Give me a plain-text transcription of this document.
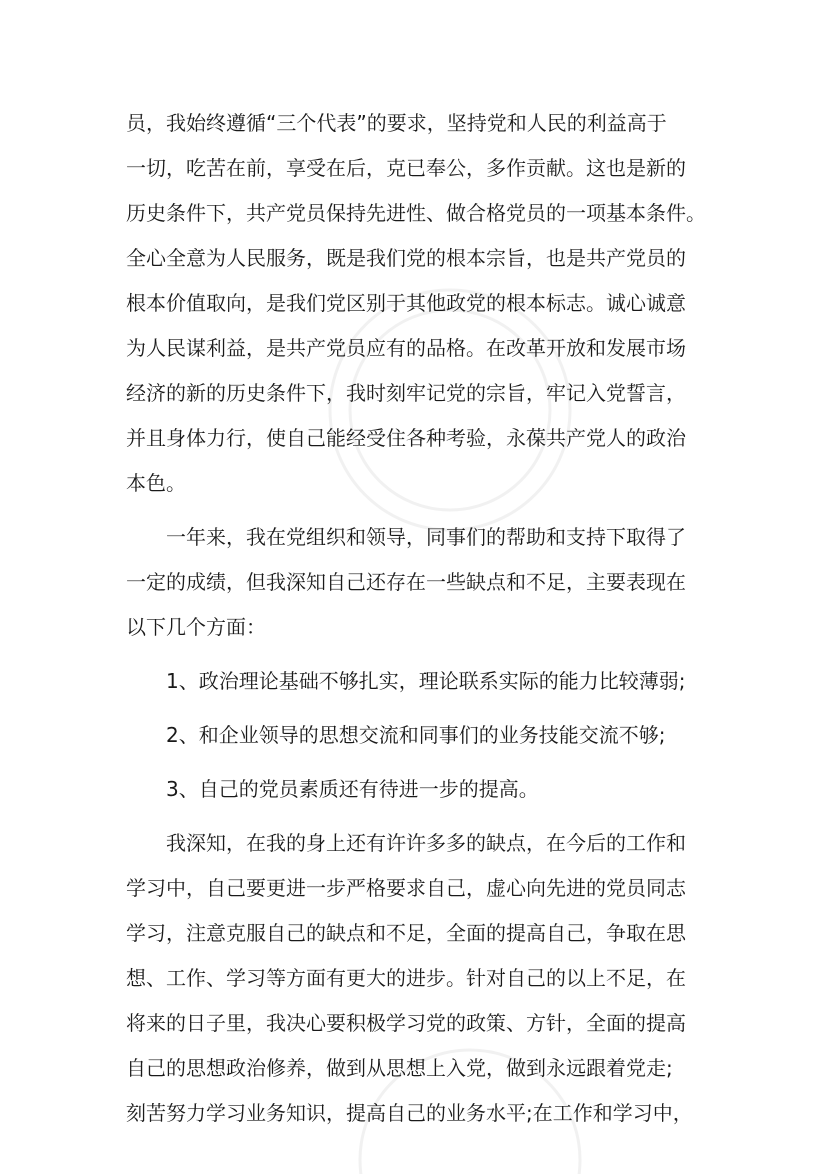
员，我始终遵循“三个代表”的要求，坚持党和人民的利益高于
一切，吃苦在前，享受在后，克已奉公，多作贡献。这也是新的
历史条件下，共产党员保持先进性、做合格党员的一项基本条件。
全心全意为人民服务，既是我们党的根本宗旨，也是共产党员的
根本价值取向，是我们党区别于其他政党的根本标志。诚心诚意
为人民谋利益，是共产党员应有的品格。在改革开放和发展市场
经济的新的历史条件下，我时刻牢记党的宗旨，牢记入党誓言，
并且身体力行，使自己能经受住各种考验，永葆共产党人的政治
本色。
一年来，我在党组织和领导，同事们的帮助和支持下取得了
一定的成绩，但我深知自己还存在一些缺点和不足，主要表现在
以下几个方面：
1、政治理论基础不够扎实，理论联系实际的能力比较薄弱;
2、和企业领导的思想交流和同事们的业务技能交流不够;
3、自己的党员素质还有待进一步的提高。
我深知，在我的身上还有许许多多的缺点，在今后的工作和
学习中，自己要更进一步严格要求自己，虚心向先进的党员同志
学习，注意克服自己的缺点和不足，全面的提高自己，争取在思
想、工作、学习等方面有更大的进步。针对自己的以上不足，在
将来的日子里，我决心要积极学习党的政策、方针，全面的提高
自己的思想政治修养，做到从思想上入党，做到永远跟着党走;
刻苦努力学习业务知识，提高自己的业务水平;在工作和学习中，
